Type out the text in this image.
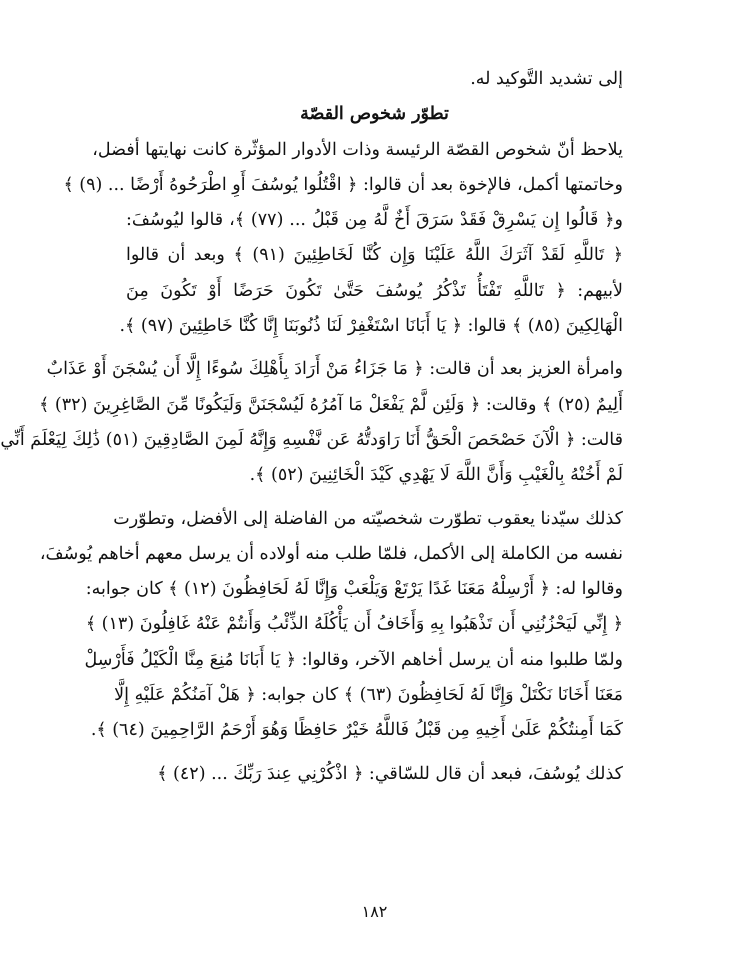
إلى تشديد التَّوكيد له.
تطوّر شخوص القصّة
يلاحظ أنّ شخوص القصّة الرئيسة وذات الأدوار المؤثّرة كانت نهايتها أفضل،
وخاتمتها أكمل، فالإخوة بعد أن قالوا: ﴿ اقْتُلُوا يُوسُفَ أَوِ اطْرَحُوهُ أَرْضًا ... (٩) ﴾
و﴿ قَالُوا إِن يَسْرِقْ فَقَدْ سَرَقَ أَخٌ لَّهُ مِن قَبْلُ ... (٧٧) ﴾، قالوا ليُوسُفَ:
﴿ تَاللَّهِ لَقَدْ آثَرَكَ اللَّهُ عَلَيْنَا وَإِن كُنَّا لَخَاطِئِينَ (٩١) ﴾ وبعد أن قالوا
لأبيهم: ﴿ تَاللَّهِ تَفْتَأُ تَذْكُرُ يُوسُفَ حَتَّىٰ تَكُونَ حَرَضًا أَوْ تَكُونَ مِنَ
الْهَالِكِينَ (٨٥) ﴾ قالوا: ﴿ يَا أَبَانَا اسْتَغْفِرْ لَنَا ذُنُوبَنَا إِنَّا كُنَّا خَاطِئِينَ (٩٧) ﴾.
وامرأة العزيز بعد أن قالت: ﴿ مَا جَزَاءُ مَنْ أَرَادَ بِأَهْلِكَ سُوءًا إِلَّا أَن يُسْجَنَ أَوْ عَذَابٌ
أَلِيمٌ (٢٥) ﴾ وقالت: ﴿ وَلَئِن لَّمْ يَفْعَلْ مَا آمُرُهُ لَيُسْجَنَنَّ وَلَيَكُونًا مِّنَ الصَّاغِرِينَ (٣٢) ﴾
قالت: ﴿ الْآنَ حَصْحَصَ الْحَقُّ أَنَا رَاوَدتُّهُ عَن نَّفْسِهِ وَإِنَّهُ لَمِنَ الصَّادِقِينَ (٥١) ذَٰلِكَ لِيَعْلَمَ أَنِّي
لَمْ أَخُنْهُ بِالْغَيْبِ وَأَنَّ اللَّهَ لَا يَهْدِي كَيْدَ الْخَائِنِينَ (٥٢) ﴾.
كذلك سيّدنا يعقوب تطوّرت شخصيّته من الفاضلة إلى الأفضل، وتطوّرت
نفسه من الكاملة إلى الأكمل، فلمّا طلب منه أولاده أن يرسل معهم أخاهم يُوسُفَ،
وقالوا له: ﴿ أَرْسِلْهُ مَعَنَا غَدًا يَرْتَعْ وَيَلْعَبْ وَإِنَّا لَهُ لَحَافِظُونَ (١٢) ﴾ كان جوابه:
﴿ إِنِّي لَيَحْزُنُنِي أَن تَذْهَبُوا بِهِ وَأَخَافُ أَن يَأْكُلَهُ الذِّئْبُ وَأَنتُمْ عَنْهُ غَافِلُونَ (١٣) ﴾
ولمّا طلبوا منه أن يرسل أخاهم الآخر، وقالوا: ﴿ يَا أَبَانَا مُنِعَ مِنَّا الْكَيْلُ فَأَرْسِلْ
مَعَنَا أَخَانَا نَكْتَلْ وَإِنَّا لَهُ لَحَافِظُونَ (٦٣) ﴾ كان جوابه: ﴿ هَلْ آمَنُكُمْ عَلَيْهِ إِلَّا
كَمَا أَمِنتُكُمْ عَلَىٰ أَخِيهِ مِن قَبْلُ فَاللَّهُ خَيْرٌ حَافِظًا وَهُوَ أَرْحَمُ الرَّاحِمِينَ (٦٤) ﴾.
كذلك يُوسُفَ، فبعد أن قال للسّاقي: ﴿ اذْكُرْنِي عِندَ رَبِّكَ ... (٤٢) ﴾
١٨٢
